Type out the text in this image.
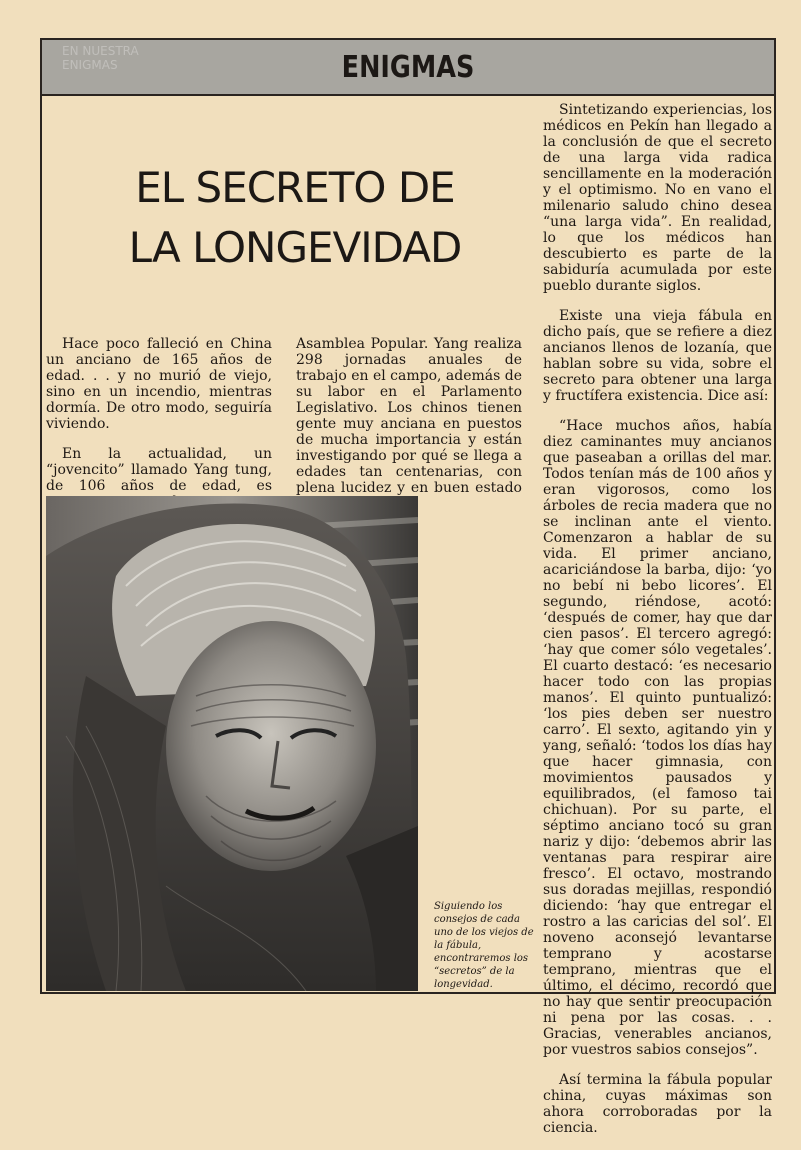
EN NUESTRA
ENIGMAS	ENIGMAS
EL SECRETO DE
LA LONGEVIDAD

Hace poco falleció en China un anciano de 165 años de edad. . . y no murió de viejo, sino en un incendio, mientras dormía. De otro modo, seguiría viviendo.

En la actualidad, un “jovencito” llamado Yang tung, de 106 años de edad, es

Asamblea Popular. Yang realiza 298 jornadas anuales de trabajo en el campo, además de su labor en el Parlamento Legislativo. Los chinos tienen gente muy anciana en puestos de mucha importancia y están investigando por qué se llega a edades tan centenarias, con plena lucidez y en buen estado

Sintetizando experiencias, los médicos en Pekín han llegado a la conclusión de que el secreto de una larga vida radica sencillamente en la moderación y el optimismo. No en vano el milenario saludo chino desea “una larga vida”. En realidad, lo que los médicos han descubierto es parte de la sabiduría acumulada por este pueblo durante siglos.

Existe una vieja fábula en dicho país, que se refiere a diez ancianos llenos de lozanía, que hablan sobre su vida, sobre el secreto para obtener una larga y fructífera existencia. Dice así:

“Hace muchos años, había diez caminantes muy ancianos que paseaban a orillas del mar. Todos tenían más de 100 años y eran vigorosos, como los árboles de recia madera que no se inclinan ante el viento. Comenzaron a hablar de su vida. El primer anciano, acariciándose la barba, dijo: ‘yo no bebí ni bebo licores’. El segundo, riéndose, acotó: ‘después de comer, hay que dar cien pasos’. El tercero agregó: ‘hay que comer sólo vegetales’. El cuarto destacó: ‘es necesario hacer todo con las propias manos’. El quinto puntualizó: ‘los pies deben ser nuestro carro’. El sexto, agitando yin y yang, señaló: ‘todos los días hay que hacer gimnasia, con movimientos pausados y equilibrados, (el famoso tai chichuan). Por su parte, el séptimo anciano tocó su gran nariz y dijo: ‘debemos abrir las ventanas para respirar aire fresco’. El octavo, mostrando sus doradas mejillas, respondió diciendo: ‘hay que entregar el rostro a las caricias del sol’. El noveno aconsejó levantarse temprano y acostarse temprano, mientras que el último, el décimo, recordó que no hay que sentir preocupación ni pena por las cosas. . . Gracias, venerables ancianos, por vuestros sabios consejos”.

Así termina la fábula popular china, cuyas máximas son ahora corroboradas por la ciencia.

Siguiendo los consejos de cada uno de los viejos de la fábula, encontraremos los “secretos” de la longevidad.
